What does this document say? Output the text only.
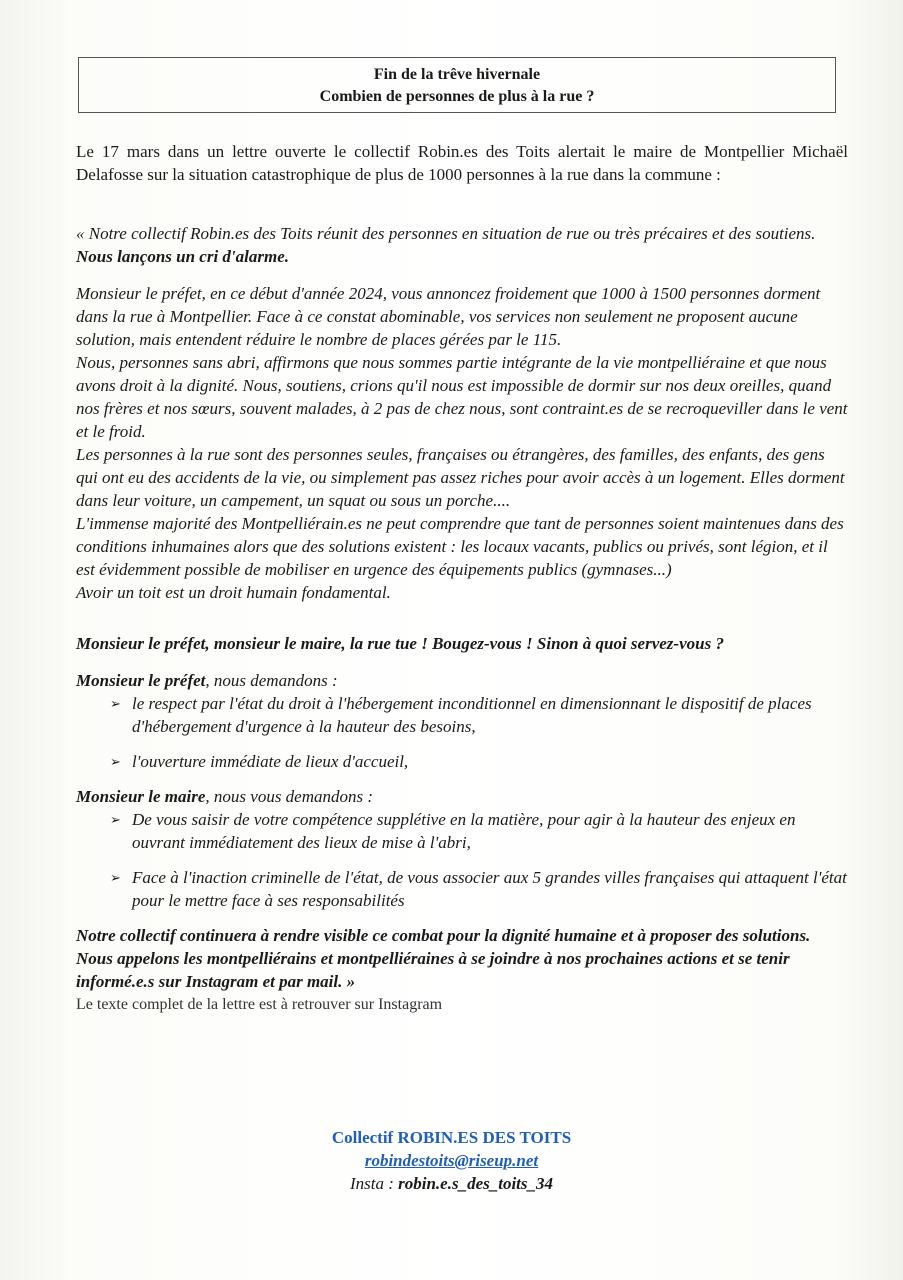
Fin de la trêve hivernale
Combien de personnes de plus à la rue ?

Le 17 mars dans un lettre ouverte le collectif Robin.es des Toits alertait le maire de Montpellier Michaël Delafosse sur la situation catastrophique de plus de 1000 personnes à la rue dans la commune :

« Notre collectif Robin.es des Toits réunit des personnes en situation de rue ou très précaires et des soutiens. Nous lançons un cri d'alarme.

Monsieur le préfet, en ce début d'année 2024, vous annoncez froidement que 1000 à 1500 personnes dorment dans la rue à Montpellier. Face à ce constat abominable, vos services non seulement ne proposent aucune solution, mais entendent réduire le nombre de places gérées par le 115.

Nous, personnes sans abri, affirmons que nous sommes partie intégrante de la vie montpelliéraine et que nous avons droit à la dignité. Nous, soutiens, crions qu'il nous est impossible de dormir sur nos deux oreilles, quand nos frères et nos sœurs, souvent malades, à 2 pas de chez nous, sont contraint.es de se recroqueviller dans le vent et le froid.

Les personnes à la rue sont des personnes seules, françaises ou étrangères, des familles, des enfants, des gens qui ont eu des accidents de la vie, ou simplement pas assez riches pour avoir accès à un logement. Elles dorment dans leur voiture, un campement, un squat ou sous un porche....

L'immense majorité des Montpelliérain.es ne peut comprendre que tant de personnes soient maintenues dans des conditions inhumaines alors que des solutions existent : les locaux vacants, publics ou privés, sont légion, et il est évidemment possible de mobiliser en urgence des équipements publics (gymnases...)

Avoir un toit est un droit humain fondamental.

Monsieur le préfet, monsieur le maire, la rue tue ! Bougez-vous ! Sinon à quoi servez-vous ?

Monsieur le préfet, nous demandons :

➢ le respect par l'état du droit à l'hébergement inconditionnel en dimensionnant le dispositif de places d'hébergement d'urgence à la hauteur des besoins,
➢ l'ouverture immédiate de lieux d'accueil,

Monsieur le maire, nous vous demandons :

➢ De vous saisir de votre compétence supplétive en la matière, pour agir à la hauteur des enjeux en ouvrant immédiatement des lieux de mise à l'abri,
➢ Face à l'inaction criminelle de l'état, de vous associer aux 5 grandes villes françaises qui attaquent l'état pour le mettre face à ses responsabilités

Notre collectif continuera à rendre visible ce combat pour la dignité humaine et à proposer des solutions. Nous appelons les montpelliérains et montpelliéraines à se joindre à nos prochaines actions et se tenir informé.e.s sur Instagram et par mail. »

Le texte complet de la lettre est à retrouver sur Instagram

Collectif ROBIN.ES DES TOITS
robindestoits@riseup.net
Insta : robin.e.s_des_toits_34
